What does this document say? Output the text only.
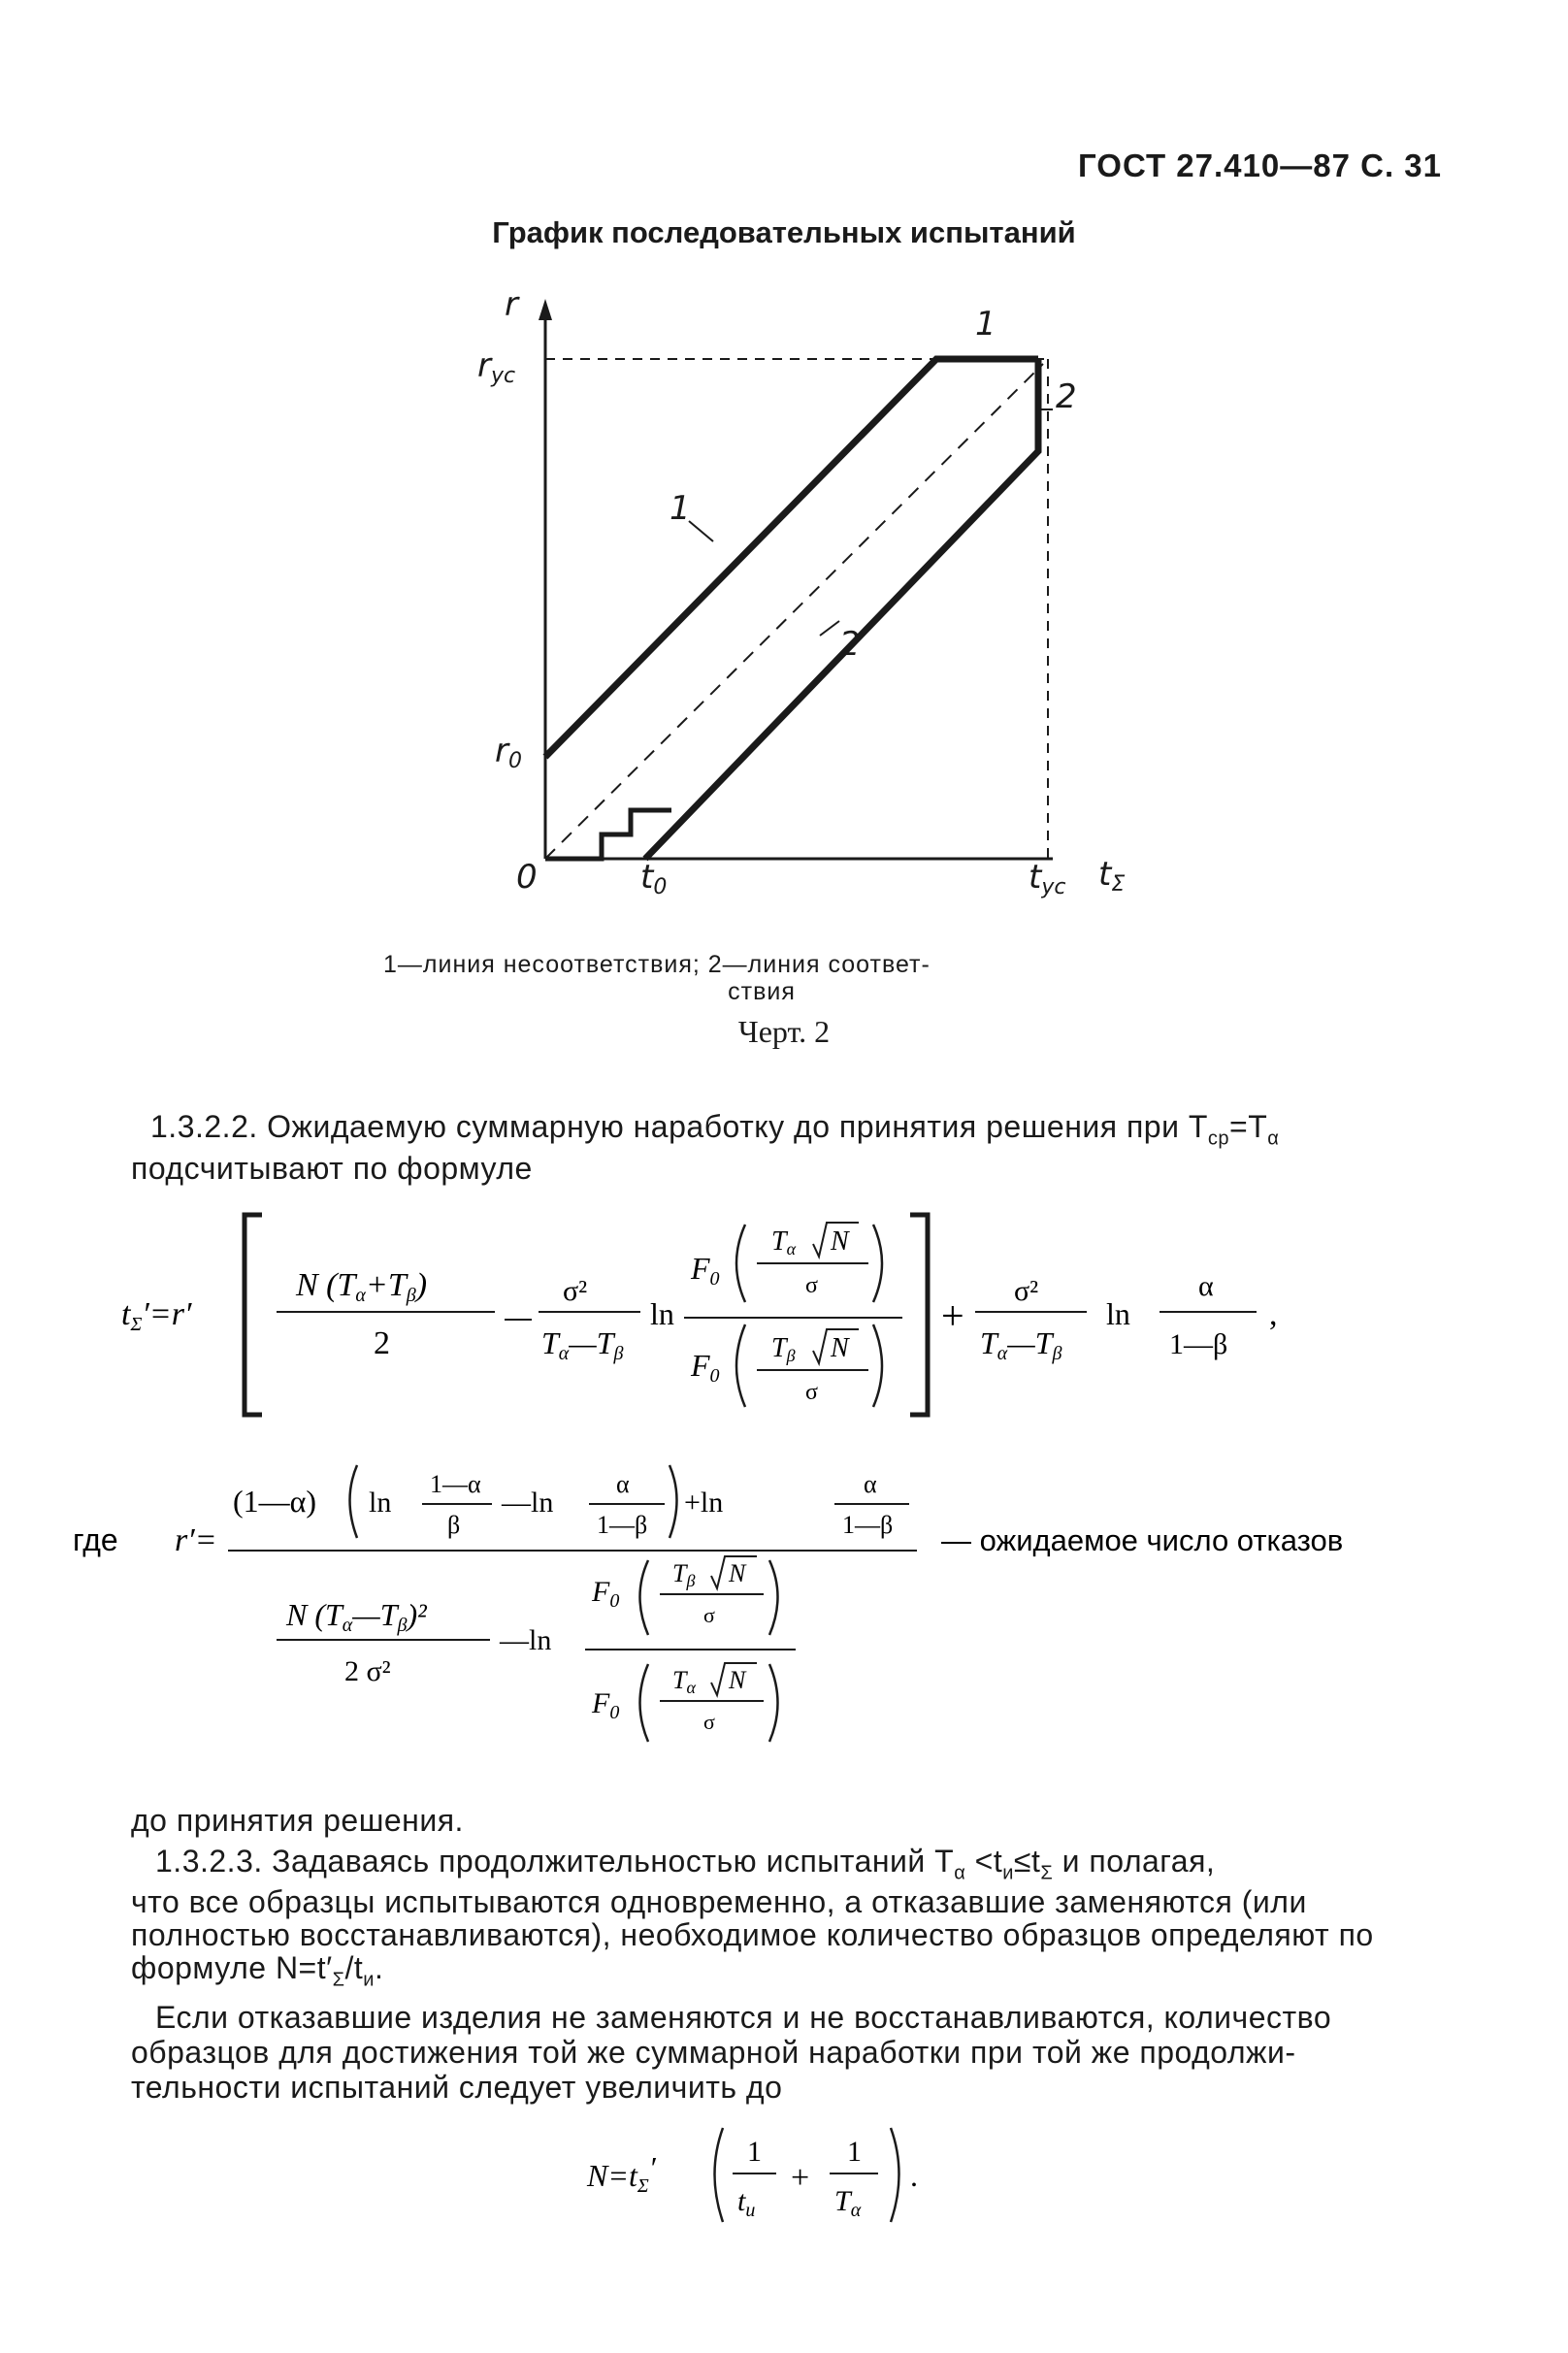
ГОСТ 27.410—87 С. 31
График последовательных испытаний
r
rус
r0
0	t0	tус tΣ
1
1
2
2
1—линия несоответствия; 2—линия соответ-
ствия
Черт. 2
1.3.2.2. Ожидаемую суммарную наработку до принятия решения при $T_{ср}=T_\alpha$
подсчитывают по формуле
tΣ′=r′
N (Tα+Tβ)
2
σ²
Tα—Tβ
ln
F0
Tα N
σ
F0
Tβ N
σ
+
σ²
Tα—Tβ
ln
α
1—β
,
где r′=
(1—α) ln
1—α
β
—ln
α
1—β
+ln
α
1—β
N (Tα—Tβ)²
2 σ²
—ln
$F_0$
Tβ N
σ
$F_0$
Tα N
σ
— ожидаемое число отказов
до принятия решения.
1.3.2.3. Задаваясь продолжительностью испытаний $T_\alpha <t_и\le t_\Sigma$ и полагая,
что все образцы испытываются одновременно, а отказавшие заменяются (или
полностью восстанавливаются), необходимое количество образцов определяют по
формуле $N=t'_\Sigma/t_и$.
Если отказавшие изделия не заменяются и не восстанавливаются, количество
образцов для достижения той же суммарной наработки при той же продолжи-
тельности испытаний следует увеличить до
N=tΣ′	1
$t_и$
+
1
$T_\alpha$
.
